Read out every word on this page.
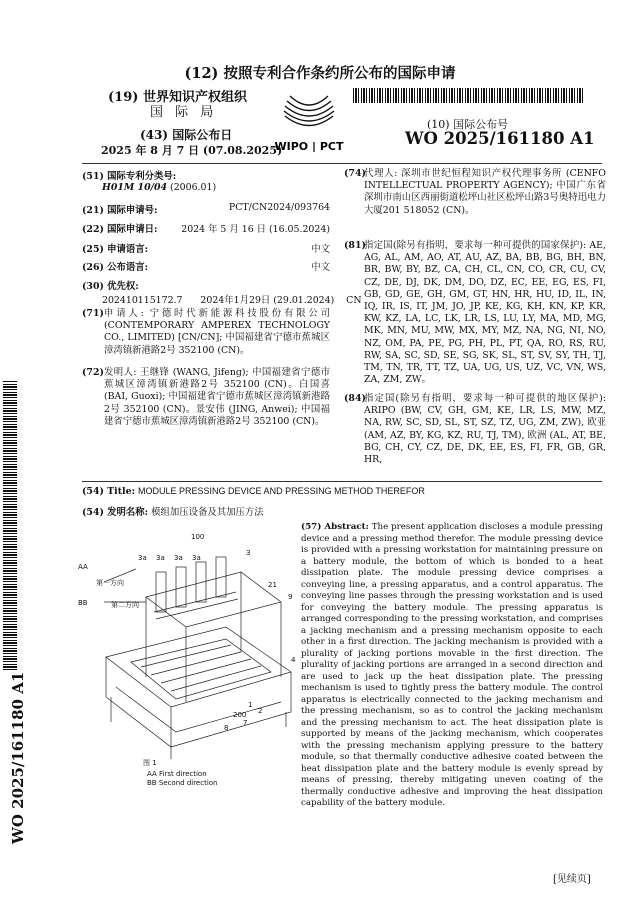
(12) 按照专利合作条约所公布的国际申请
(19) 世界知识产权组织
国 际 局
WIPO | PCT
(43) 国际公布日
2025 年 8 月 7 日 (07.08.2025)
(10) 国际公布号
WO 2025/161180 A1
(51) 国际专利分类号:
H01M 10/04 (2006.01)
(21) 国际申请号:	PCT/CN2024/093764
(22) 国际申请日:	2024 年 5 月 16 日 (16.05.2024)
(25) 申请语言:	中文
(26) 公布语言:	中文
(30) 优先权:
202410115172.7      2024年1月29日 (29.01.2024)    CN
(71) 申请人: 宁德时代新能源科技股份有限公司 (CONTEMPORARY AMPEREX TECHNOLOGY CO., LIMITED) [CN/CN]; 中国福建省宁德市蕉城区漳湾镇新港路2号 352100 (CN)。
(72) 发明人: 王继锋 (WANG, Jifeng); 中国福建省宁德市蕉城区漳湾镇新港路2号 352100 (CN)。白国喜 (BAI, Guoxi); 中国福建省宁德市蕉城区漳湾镇新港路2号 352100 (CN)。景安伟 (JING, Anwei); 中国福建省宁德市蕉城区漳湾镇新港路2号 352100 (CN)。
(74)
代理人: 深圳市世纪恒程知识产权代理事务所 (CENFO INTELLECTUAL PROPERTY AGENCY); 中国广东省深圳市南山区西丽街道松坪山社区松坪山路3号奥特迅电力大厦201 518052 (CN)。
(81)
指定国(除另有指明，要求每一种可提供的国家保护): AE, AG, AL, AM, AO, AT, AU, AZ, BA, BB, BG, BH, BN, BR, BW, BY, BZ, CA, CH, CL, CN, CO, CR, CU, CV, CZ, DE, DJ, DK, DM, DO, DZ, EC, EE, EG, ES, FI, GB, GD, GE, GH, GM, GT, HN, HR, HU, ID, IL, IN, IQ, IR, IS, IT, JM, JO, JP, KE, KG, KH, KN, KP, KR, KW, KZ, LA, LC, LK, LR, LS, LU, LY, MA, MD, MG, MK, MN, MU, MW, MX, MY, MZ, NA, NG, NI, NO, NZ, OM, PA, PE, PG, PH, PL, PT, QA, RO, RS, RU, RW, SA, SC, SD, SE, SG, SK, SL, ST, SV, SY, TH, TJ, TM, TN, TR, TT, TZ, UA, UG, US, UZ, VC, VN, WS, ZA, ZM, ZW。
(84)
指定国(除另有指明，要求每一种可提供的地区保护): ARIPO (BW, CV, GH, GM, KE, LR, LS, MW, MZ, NA, RW, SC, SD, SL, ST, SZ, TZ, UG, ZM, ZW), 欧亚 (AM, AZ, BY, KG, KZ, RU, TJ, TM), 欧洲 (AL, AT, BE, BG, CH, CY, CZ, DE, DK, EE, ES, FI, FR, GB, GR, HR,
(54) Title: MODULE PRESSING DEVICE AND PRESSING METHOD THEREFOR
(54) 发明名称: 模组加压设备及其加压方法
100
AA
BB
第一方向
第二方向
3a 3a 3a 3a
3
21
9
4
2
200
7
8
1
图 1
AA First direction
BB Second direction
(57) Abstract: The present application discloses a module pressing device and a pressing method therefor. The module pressing device is provided with a pressing workstation for maintaining pressure on a battery module, the bottom of which is bonded to a heat dissipation plate. The module pressing device comprises a conveying line, a pressing apparatus, and a control apparatus. The conveying line passes through the pressing workstation and is used for conveying the battery module. The pressing apparatus is arranged corresponding to the pressing workstation, and comprises a jacking mechanism and a pressing mechanism opposite to each other in a first direction. The jacking mechanism is provided with a plurality of jacking portions movable in the first direction. The plurality of jacking portions are arranged in a second direction and are used to jack up the heat dissipation plate. The pressing mechanism is used to tightly press the battery module. The control apparatus is electrically connected to the jacking mechanism and the pressing mechanism, so as to control the jacking mechanism and the pressing mechanism to act. The heat dissipation plate is supported by means of the jacking mechanism, which cooperates with the pressing mechanism applying pressure to the battery module, so that thermally conductive adhesive coated between the heat dissipation plate and the battery module is evenly spread by means of pressing, thereby mitigating uneven coating of the thermally conductive adhesive and improving the heat dissipation capability of the battery module.
WO 2025/161180 A1
[见续页]
